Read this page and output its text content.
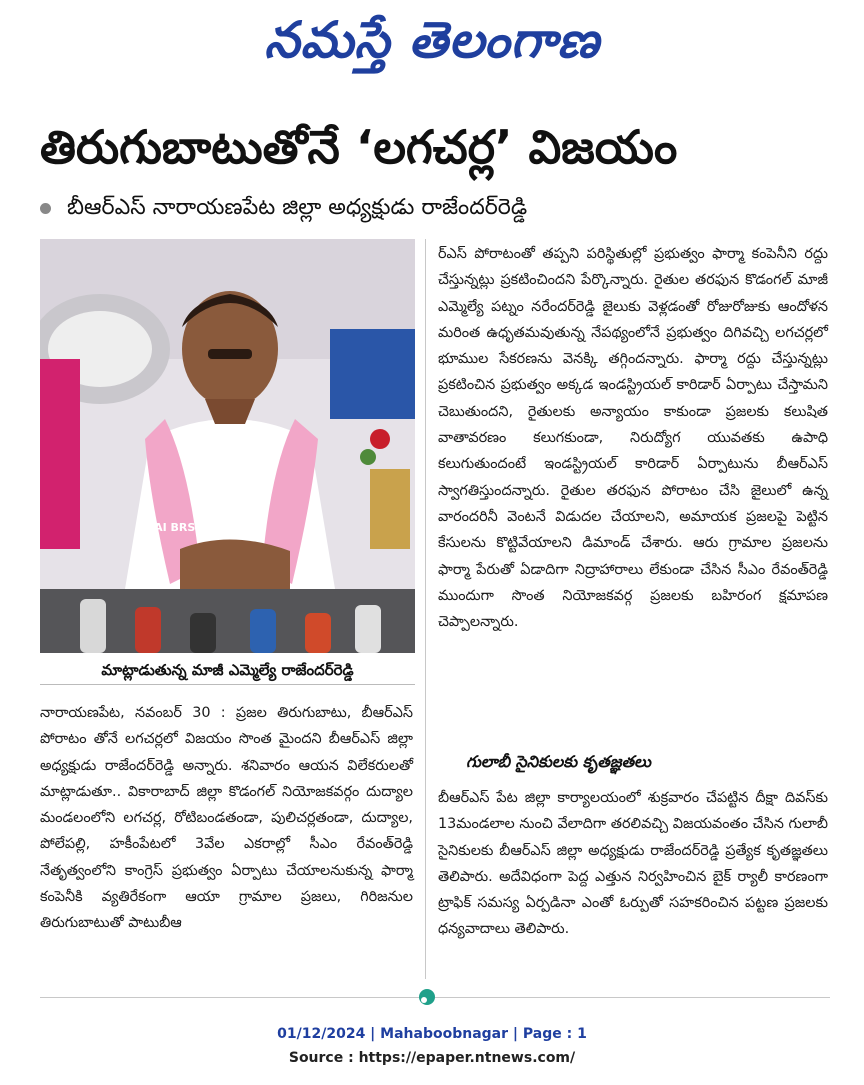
నమస్తే తెలంగాణ
తిరుగుబాటుతోనే ‘లగచర్ల’ విజయం
బీఆర్ఎస్ నారాయణపేట జిల్లా అధ్యక్షుడు రాజేందర్‌రెడ్డి
JAI BRS
మాట్లాడుతున్న మాజీ ఎమ్మెల్యే రాజేందర్‌రెడ్డి

ర్ఎస్ పోరాటంతో తప్పని పరిస్థితుల్లో ప్రభుత్వం ఫార్మా కంపెనీని రద్దు చేస్తున్నట్లు ప్రకటించిందని పేర్కొన్నారు. రైతుల తరఫున కొడంగల్ మాజీ ఎమ్మెల్యే పట్నం నరేందర్‌రెడ్డి జైలుకు వెళ్లడంతో రోజురోజుకు ఆందోళన మరింత ఉధృతమవుతున్న నేపథ్యంలోనే ప్రభుత్వం దిగివచ్చి లగచర్లలో భూముల సేకరణను వెనక్కి తగ్గిందన్నారు. ఫార్మా రద్దు చేస్తున్నట్లు ప్రకటించిన ప్రభుత్వం అక్కడ ఇండస్ట్రియల్ కారిడార్ ఏర్పాటు చేస్తామని చెబుతుందని, రైతులకు అన్యాయం కాకుండా ప్రజలకు కలుషిత వాతావరణం కలుగకుండా, నిరుద్యోగ యువతకు ఉపాధి కలుగుతుందంటే ఇండస్ట్రియల్ కారిడార్ ఏర్పాటును బీఆర్ఎస్ స్వాగతిస్తుందన్నారు. రైతుల తరఫున పోరాటం చేసి జైలులో ఉన్న వారందరినీ వెంటనే విడుదల చేయాలని, అమాయక ప్రజలపై పెట్టిన కేసులను కొట్టివేయాలని డిమాండ్ చేశారు. ఆరు గ్రామాల ప్రజలను ఫార్మా పేరుతో ఏడాదిగా నిద్రాహారాలు లేకుండా చేసిన సీఎం రేవంత్‌రెడ్డి ముందుగా సొంత నియోజకవర్గ ప్రజలకు బహిరంగ క్షమాపణ చెప్పాలన్నారు.

గులాబీ సైనికులకు కృతజ్ఞతలు

బీఆర్ఎస్ పేట జిల్లా కార్యాలయంలో శుక్రవారం చేపట్టిన దీక్షా దివస్‌కు 13మండలాల నుంచి వేలాదిగా తరలివచ్చి విజయవంతం చేసిన గులాబీ సైనికులకు బీఆర్ఎస్ జిల్లా అధ్యక్షుడు రాజేందర్‌రెడ్డి ప్రత్యేక కృతజ్ఞతలు తెలిపారు. అదేవిధంగా పెద్ద ఎత్తున నిర్వహించిన బైక్ ర్యాలీ కారణంగా ట్రాఫిక్ సమస్య ఏర్పడినా ఎంతో ఓర్పుతో సహకరించిన పట్టణ ప్రజలకు ధన్యవాదాలు తెలిపారు.

నారాయణపేట, నవంబర్ 30 : ప్రజల తిరుగుబాటు, బీఆర్ఎస్ పోరాటం తోనే లగచర్లలో విజయం సొంత మైందని బీఆర్ఎస్ జిల్లా అధ్యక్షుడు రాజేందర్‌రెడ్డి అన్నారు. శనివారం ఆయన విలేకరులతో మాట్లాడుతూ.. వికారాబాద్ జిల్లా కొడంగల్ నియోజకవర్గం దుద్యాల మండలంలోని లగచర్ల, రోటిబండతండా, పులిచర్లతండా, దుద్యాల, పోలేపల్లి, హకీంపేటలో 3వేల ఎకరాల్లో సీఎం రేవంత్‌రెడ్డి నేతృత్వంలోని కాంగ్రెస్ ప్రభుత్వం ఏర్పాటు చేయాలనుకున్న ఫార్మా కంపెనీకి వ్యతిరేకంగా ఆయా గ్రామాల ప్రజలు, గిరిజనుల తిరుగుబాటుతో పాటుబీఆ

01/12/2024 | Mahaboobnagar | Page : 1
Source : https://epaper.ntnews.com/
